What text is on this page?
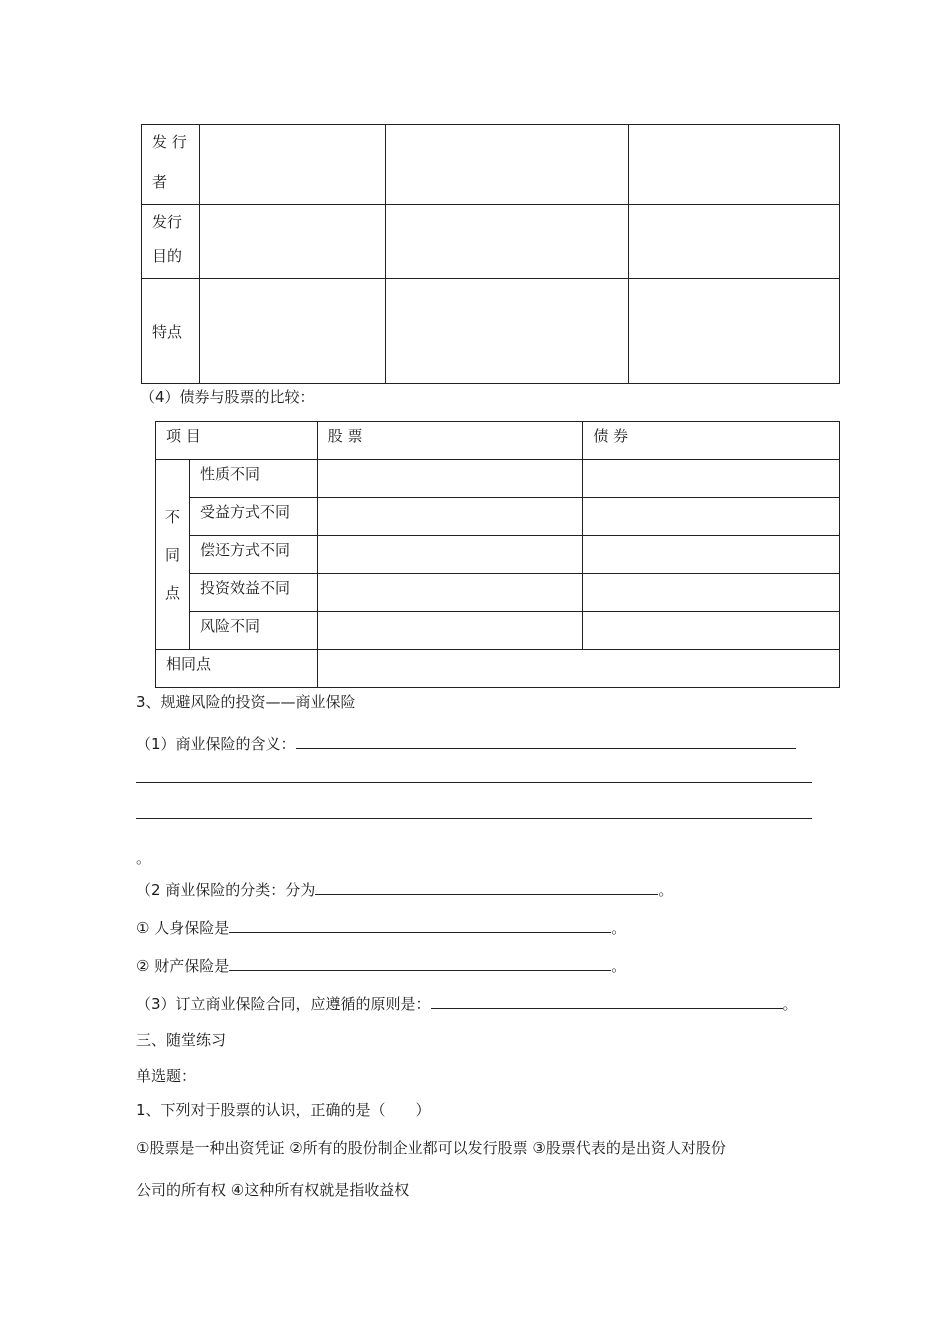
发 行
者			

发行
目的			

特点			

（4）债券与股票的比较：
项 目		股 票	债 券

不
同
点	性质不同		
	受益方式不同		
	偿还方式不同		
	投资效益不同		
	风险不同		
相同点			
3、规避风险的投资——商业保险
（1）商业保险的含义：
。
（2 商业保险的分类：分为	。
① 人身保险是	。
② 财产保险是	。
（3）订立商业保险合同，应遵循的原则是：	。
三、随堂练习
单选题：
1、下列对于股票的认识，正确的是（　　）
①股票是一种出资凭证 ②所有的股份制企业都可以发行股票 ③股票代表的是出资人对股份
公司的所有权 ④这种所有权就是指收益权
